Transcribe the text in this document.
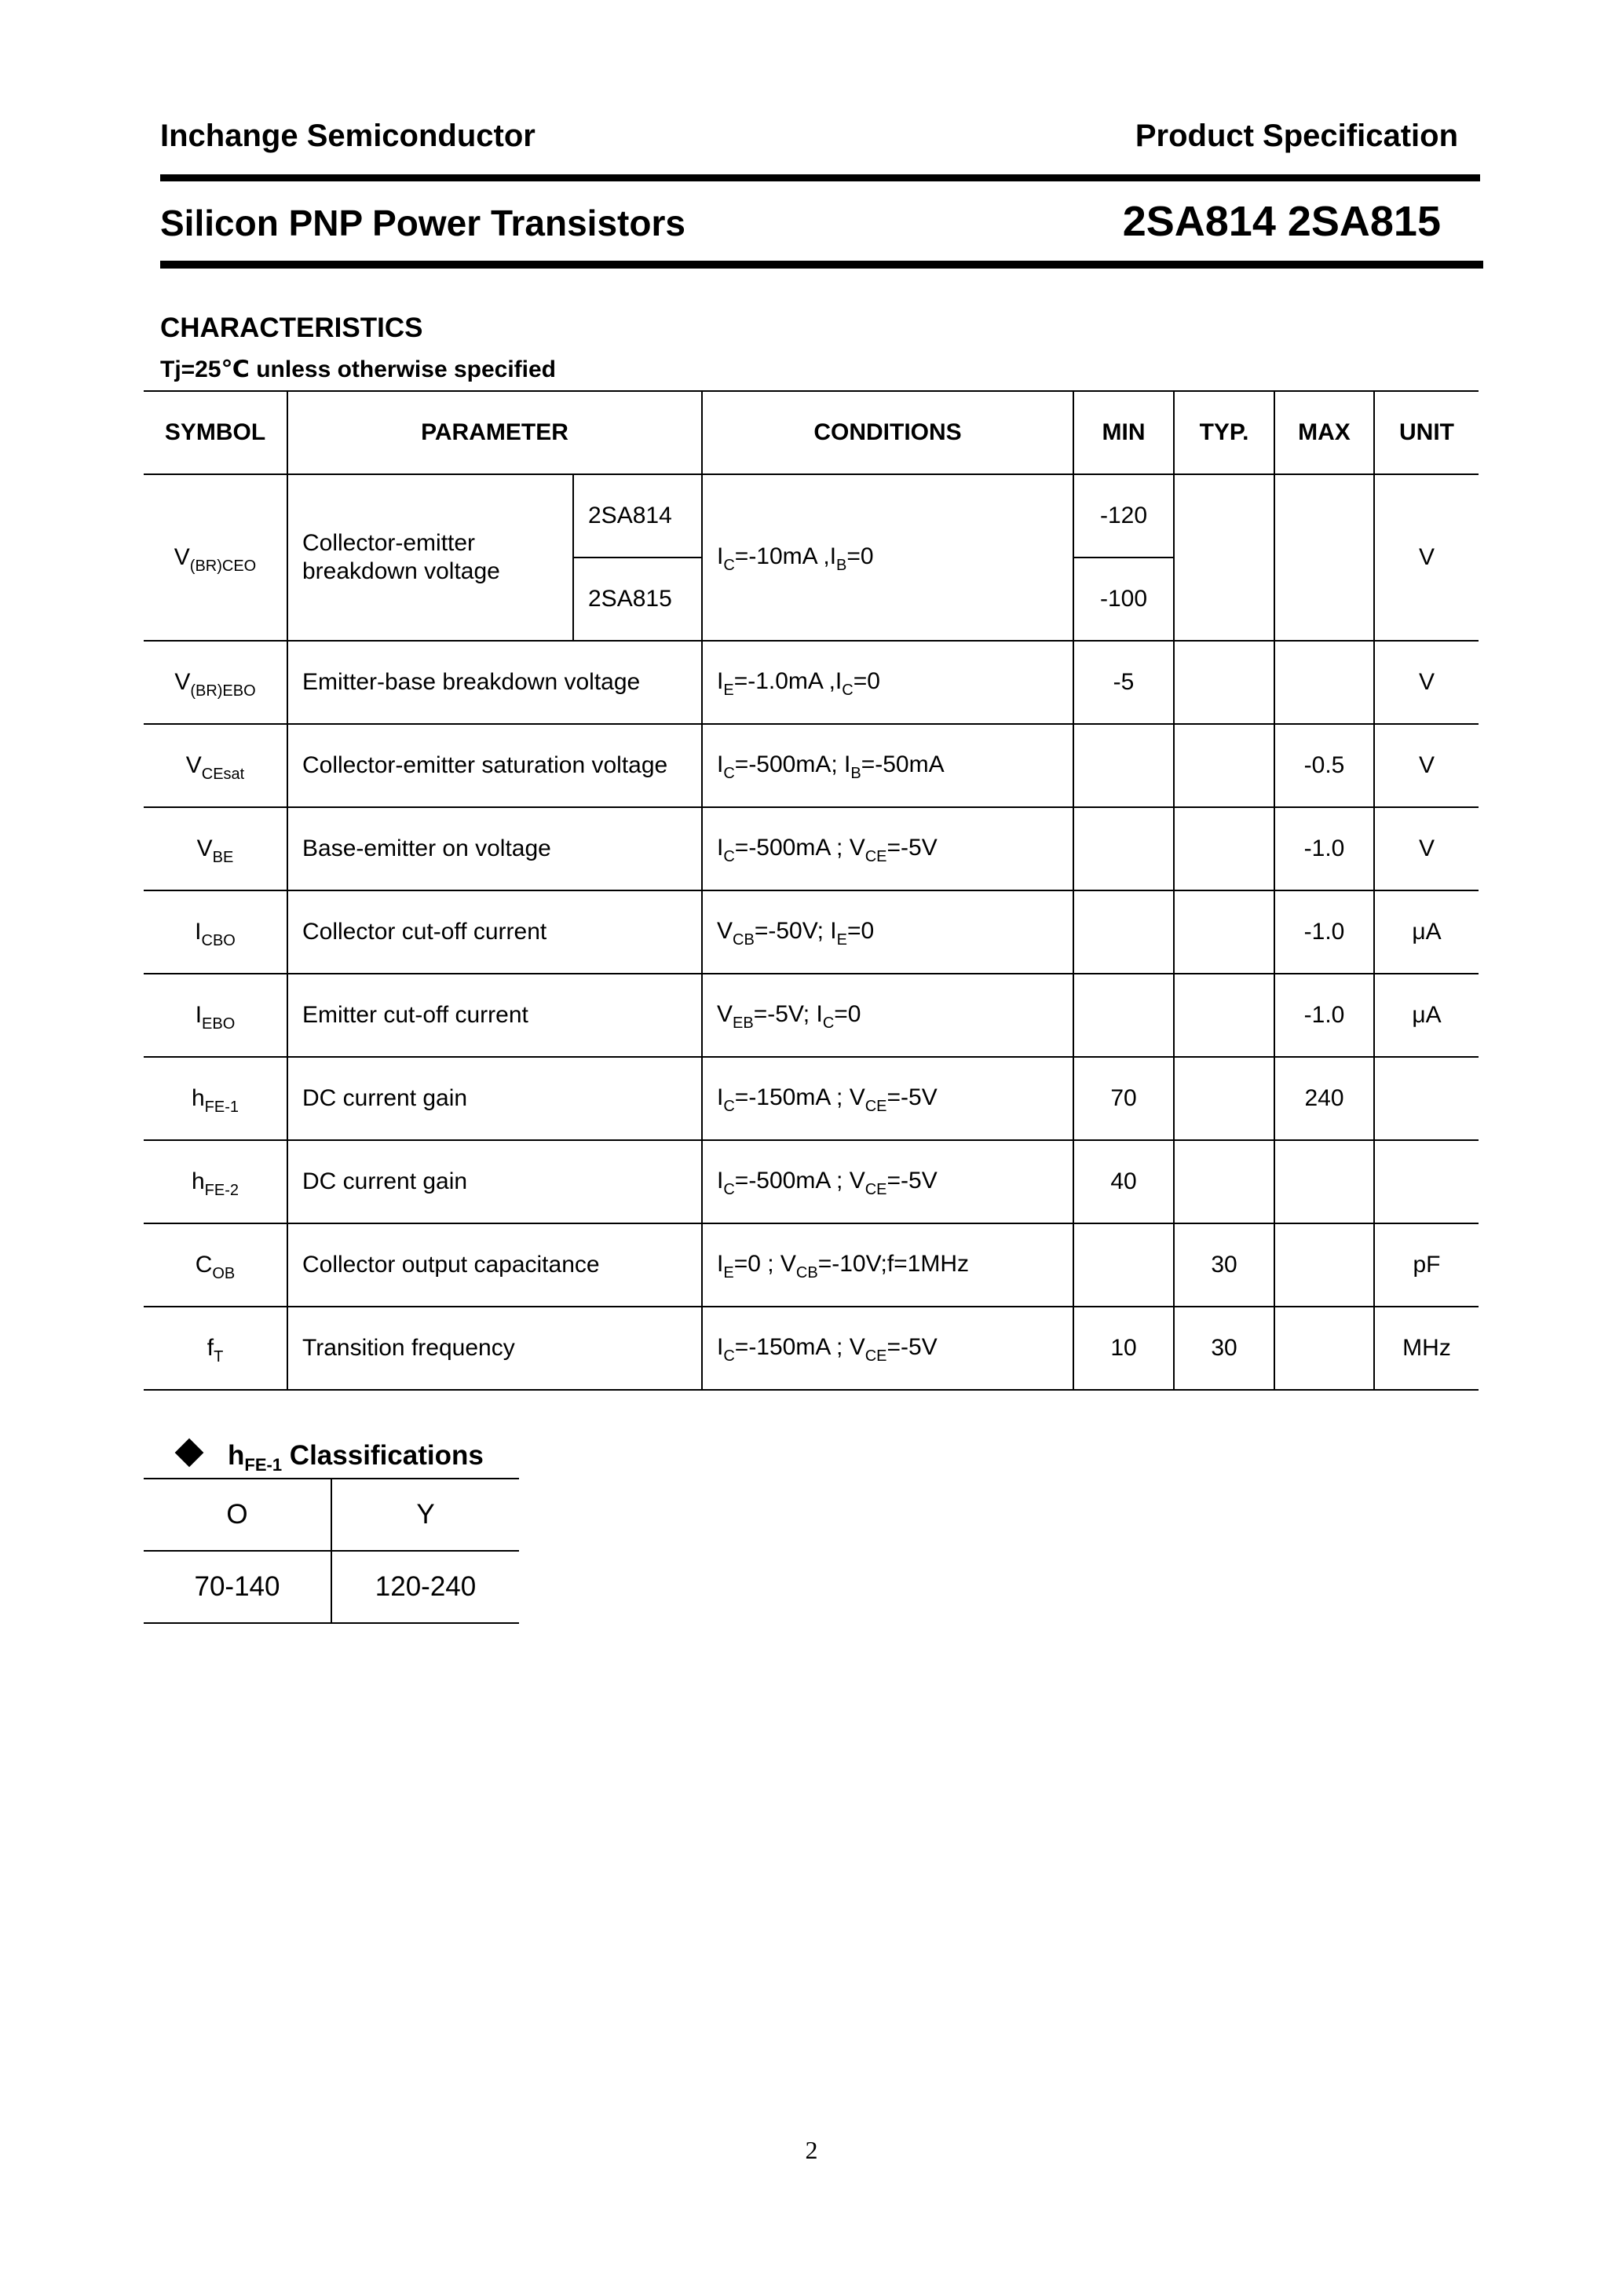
Inchange Semiconductor	Product Specification
Silicon PNP Power Transistors	2SA814 2SA815
CHARACTERISTICS
Tj=25℃ unless otherwise specified
SYMBOL	PARAMETER		CONDITIONS	MIN	TYP.	MAX	UNIT
$V_{(BR)CEO}$	Collector-emitter breakdown voltage	2SA814	$I_C=-10mA$ $,I_B=0$	-120			V
		2SA815		-100			
$V_{(BR)EBO}$	Emitter-base breakdown voltage		$I_E=-1.0mA$ $,I_C=0$	-5			V
$V_{CEsat}$	Collector-emitter saturation voltage		$I_C=-500mA$; $I_B=-50mA$			-0.5	V
$V_{BE}$	Base-emitter on voltage		$I_C=-500mA$ ; $V_{CE}=-5V$			-1.0	V
$I_{CBO}$	Collector cut-off current		$V_{CB}=-50V$; $I_E=0$			-1.0	μA
$I_{EBO}$	Emitter cut-off current		$V_{EB}=-5V$; $I_C=0$			-1.0	μA
$h_{FE-1}$	DC current gain		$I_C=-150mA$ ; $V_{CE}=-5V$	70		240	
$h_{FE-2}$	DC current gain		$I_C=-500mA$ ; $V_{CE}=-5V$	40			
$C_{OB}$	Collector output capacitance		$I_E=0$ ; $V_{CB}=-10V;f=1MHz$		30		pF
$f_T$	Transition frequency		$I_C=-150mA$ ; $V_{CE}=-5V$	10	30		MHz
$h_{FE-1}$ Classifications
O	Y
70-140	120-240
2
